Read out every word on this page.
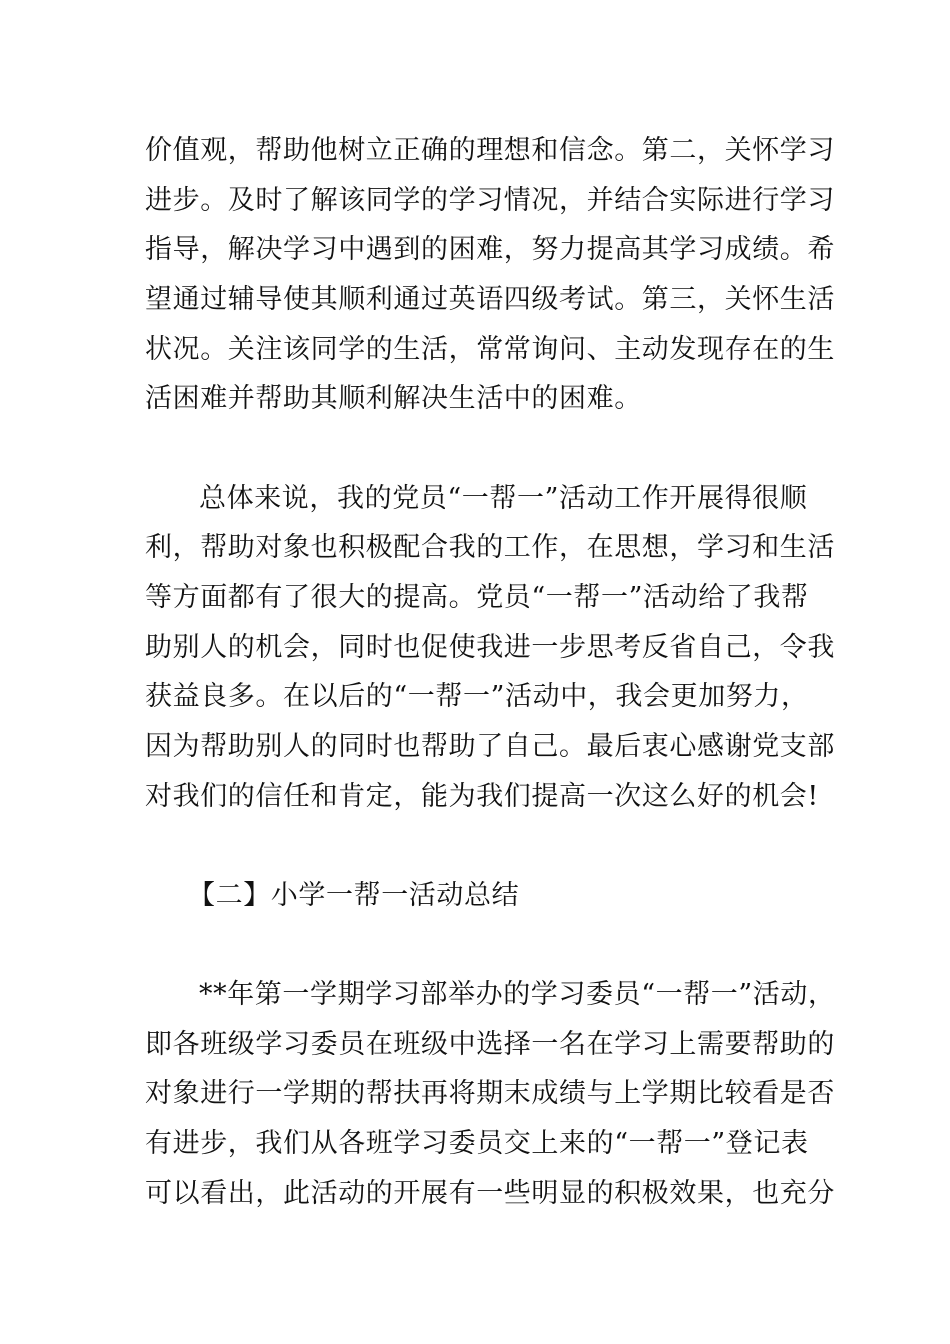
价值观，帮助他树立正确的理想和信念。第二，关怀学习
进步。及时了解该同学的学习情况，并结合实际进行学习
指导，解决学习中遇到的困难，努力提高其学习成绩。希
望通过辅导使其顺利通过英语四级考试。第三，关怀生活
状况。关注该同学的生活，常常询问、主动发现存在的生
活困难并帮助其顺利解决生活中的困难。
总体来说，我的党员“一帮一”活动工作开展得很顺
利，帮助对象也积极配合我的工作，在思想，学习和生活
等方面都有了很大的提高。党员“一帮一”活动给了我帮
助别人的机会，同时也促使我进一步思考反省自己，令我
获益良多。在以后的“一帮一”活动中，我会更加努力，
因为帮助别人的同时也帮助了自己。最后衷心感谢党支部
对我们的信任和肯定，能为我们提高一次这么好的机会!
【二】小学一帮一活动总结
**年第一学期学习部举办的学习委员“一帮一”活动，
即各班级学习委员在班级中选择一名在学习上需要帮助的
对象进行一学期的帮扶再将期末成绩与上学期比较看是否
有进步，我们从各班学习委员交上来的“一帮一”登记表
可以看出，此活动的开展有一些明显的积极效果，也充分
